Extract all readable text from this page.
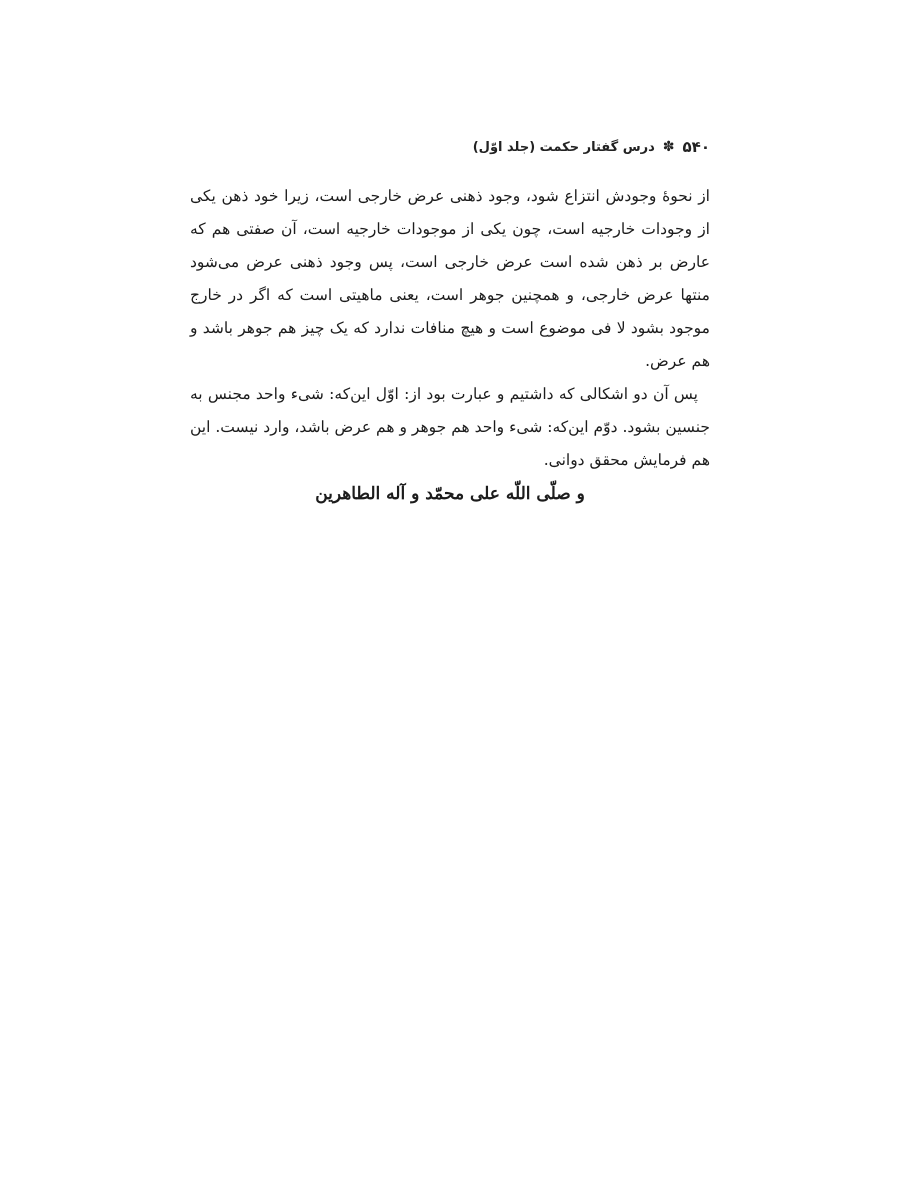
۵۴۰
✽
درس گفتار حکمت (جلد اوّل)

از نحوهٔ وجودش انتزاع شود، وجود ذهنی عرض خارجی است، زیرا خود ذهن یکی از وجودات خارجیه است، چون یکی از موجودات خارجیه است، آن صفتی هم که عارض بر ذهن شده است عرض خارجی است، پس وجود ذهنی عرض می‌شود منتها عرض خارجی، و همچنین جوهر است، یعنی ماهیتی است که اگر در خارج موجود بشود لا فی موضوع است و هیچ منافات ندارد که یک چیز هم جوهر باشد و هم عرض.

پس آن دو اشکالی که داشتیم و عبارت بود از: اوّل این‌که: شیء واحد مجنس به جنسین بشود. دوّم این‌که: شیء واحد هم جوهر و هم عرض باشد، وارد نیست. این هم فرمایش محقق دوانی.

و صلّی اللّه علی محمّد و آله الطاهرین
